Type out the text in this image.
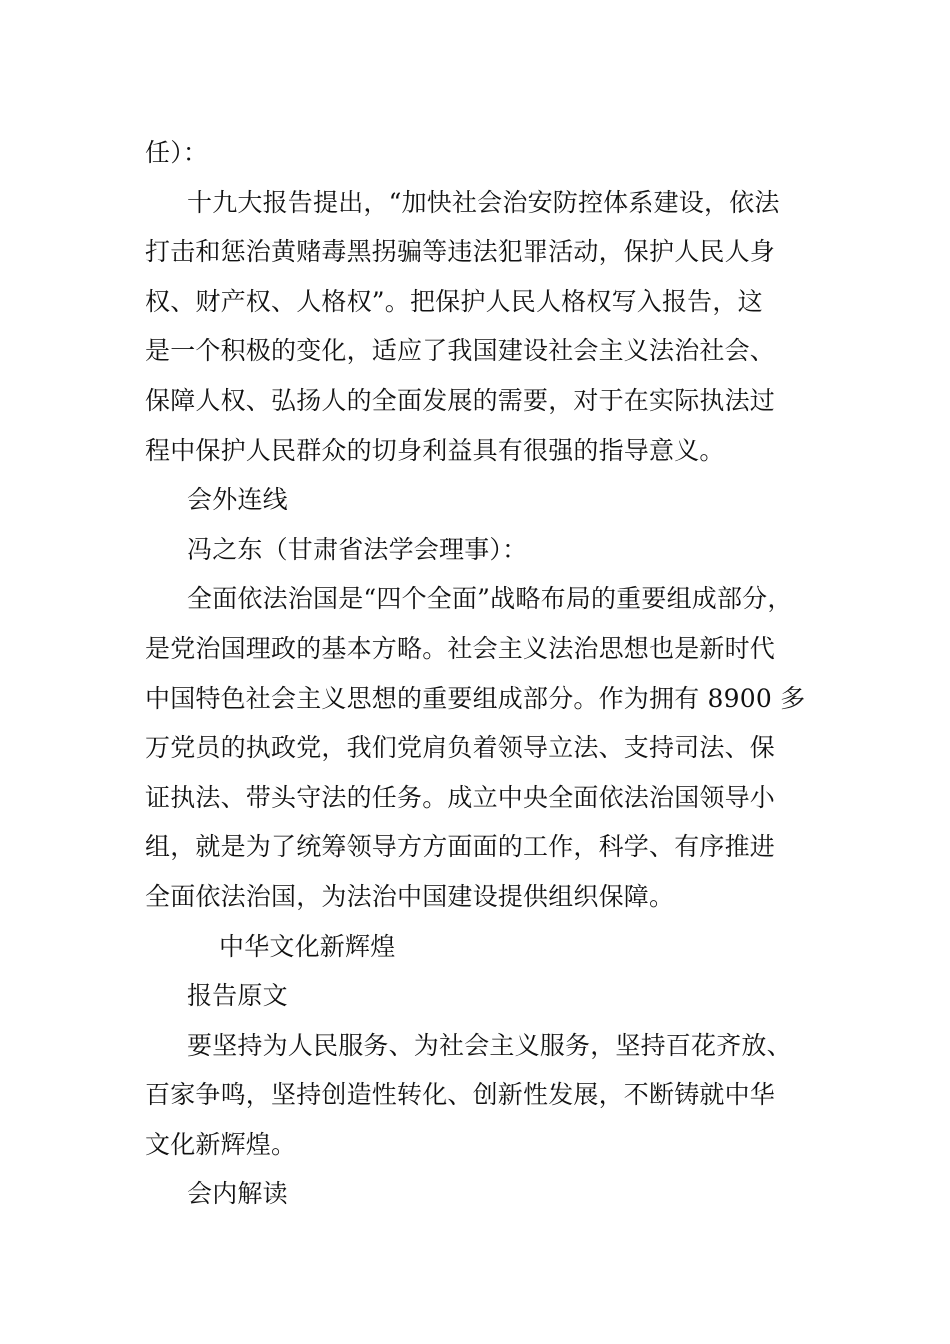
任）：
十九大报告提出，“加快社会治安防控体系建设，依法
打击和惩治黄赌毒黑拐骗等违法犯罪活动，保护人民人身
权、财产权、人格权”。把保护人民人格权写入报告，这
是一个积极的变化，适应了我国建设社会主义法治社会、
保障人权、弘扬人的全面发展的需要，对于在实际执法过
程中保护人民群众的切身利益具有很强的指导意义。
会外连线
冯之东（甘肃省法学会理事）：
全面依法治国是“四个全面”战略布局的重要组成部分，
是党治国理政的基本方略。社会主义法治思想也是新时代
中国特色社会主义思想的重要组成部分。作为拥有 8900 多
万党员的执政党，我们党肩负着领导立法、支持司法、保
证执法、带头守法的任务。成立中央全面依法治国领导小
组，就是为了统筹领导方方面面的工作，科学、有序推进
全面依法治国，为法治中国建设提供组织保障。
中华文化新辉煌
报告原文
要坚持为人民服务、为社会主义服务，坚持百花齐放、
百家争鸣，坚持创造性转化、创新性发展，不断铸就中华
文化新辉煌。
会内解读
